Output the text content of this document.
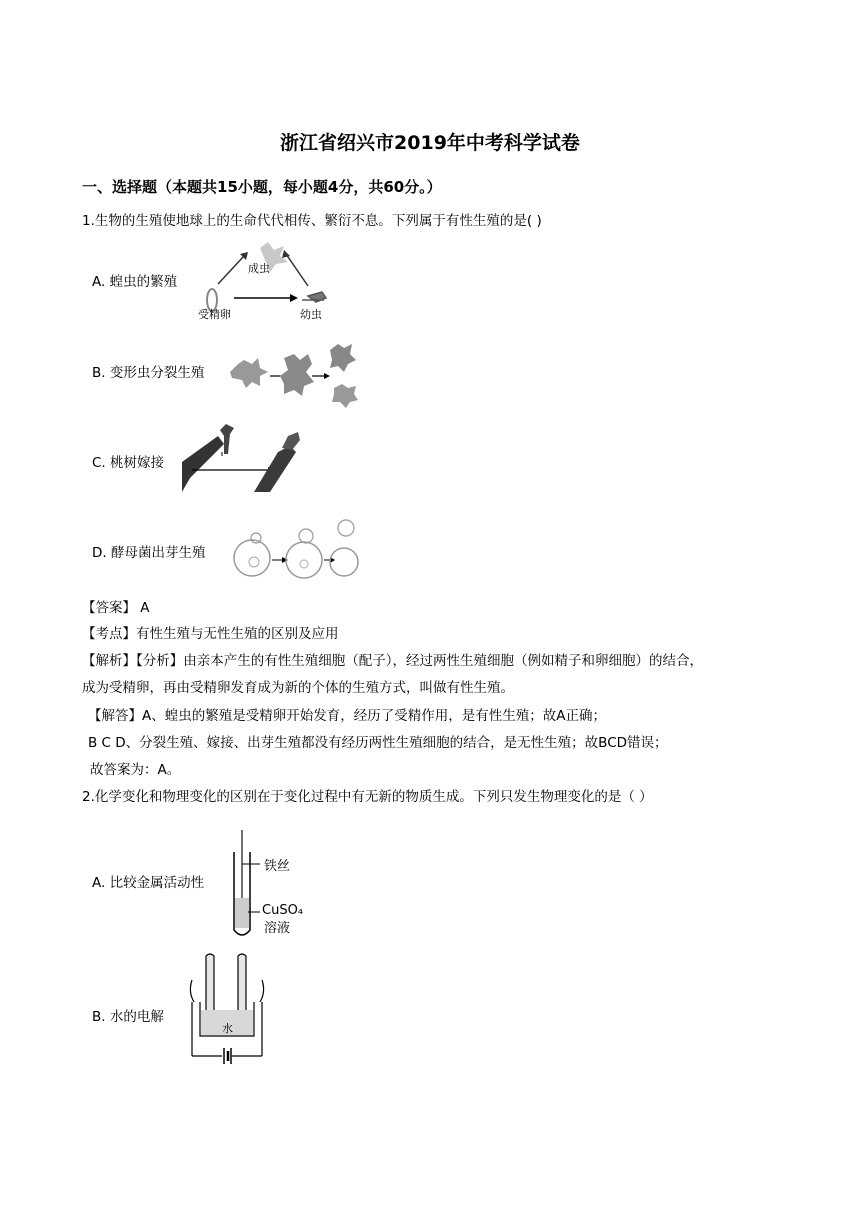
浙江省绍兴市2019年中考科学试卷
一、选择题（本题共15小题，每小题4分，共60分。）
1.生物的生殖使地球上的生命代代相传、繁衍不息。下列属于有性生殖的是( )
A. 蝗虫的繁殖
成虫
受精卵	幼虫
B. 变形虫分裂生殖
C. 桃树嫁接
D. 酵母菌出芽生殖
【答案】 A
【考点】有性生殖与无性生殖的区别及应用
【解析】【分析】由亲本产生的有性生殖细胞（配子），经过两性生殖细胞（例如精子和卵细胞）的结合，
成为受精卵，再由受精卵发育成为新的个体的生殖方式，叫做有性生殖。
【解答】A、蝗虫的繁殖是受精卵开始发育，经历了受精作用，是有性生殖；故A正确；
B C D、分裂生殖、嫁接、出芽生殖都没有经历两性生殖细胞的结合，是无性生殖；故BCD错误；
故答案为：A。
2.化学变化和物理变化的区别在于变化过程中有无新的物质生成。下列只发生物理变化的是（ ）
A. 比较金属活动性
铁丝
CuSO₄
溶液
B. 水的电解
水
